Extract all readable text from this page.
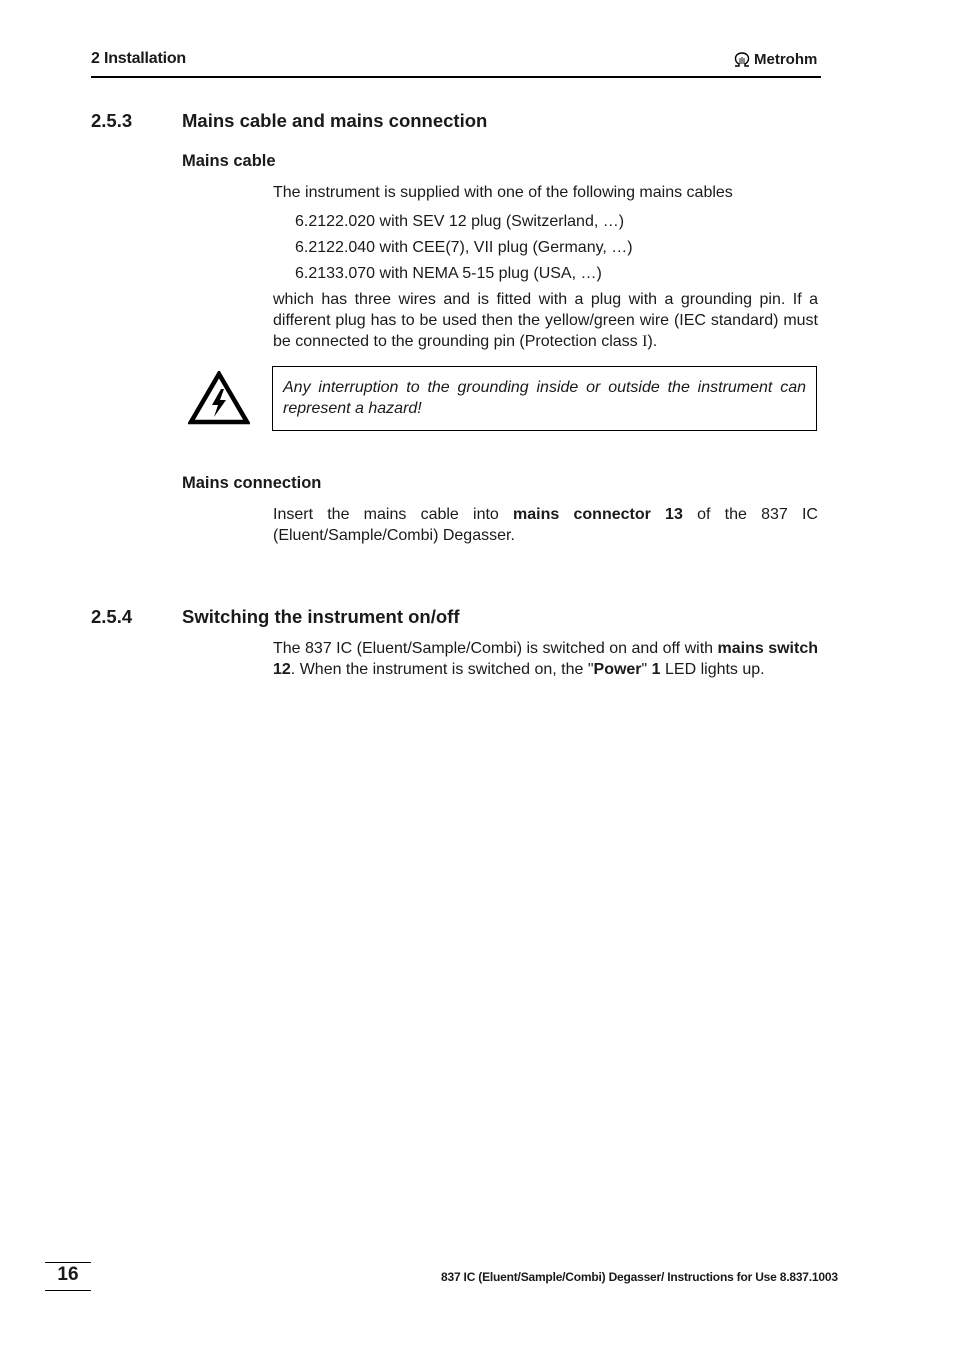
2 Installation	Metrohm
2.5.3	Mains cable and mains connection
Mains cable
The instrument is supplied with one of the following mains cables
6.2122.020 with SEV 12 plug (Switzerland, …)
6.2122.040 with CEE(7), VII plug (Germany, …)
6.2133.070 with NEMA 5-15 plug (USA, …)
which has three wires and is fitted with a plug with a grounding pin. If a different plug has to be used then the yellow/green wire (IEC standard) must be connected to the grounding pin (Protection class I).
Any interruption to the grounding inside or outside the instrument can represent a hazard!
Mains connection
Insert the mains cable into mains connector 13 of the 837 IC (Eluent/Sample/Combi) Degasser.
2.5.4	Switching the instrument on/off
The 837 IC (Eluent/Sample/Combi) is switched on and off with mains switch 12. When the instrument is switched on, the "Power" 1 LED lights up.
16	837 IC (Eluent/Sample/Combi) Degasser/ Instructions for Use 8.837.1003
